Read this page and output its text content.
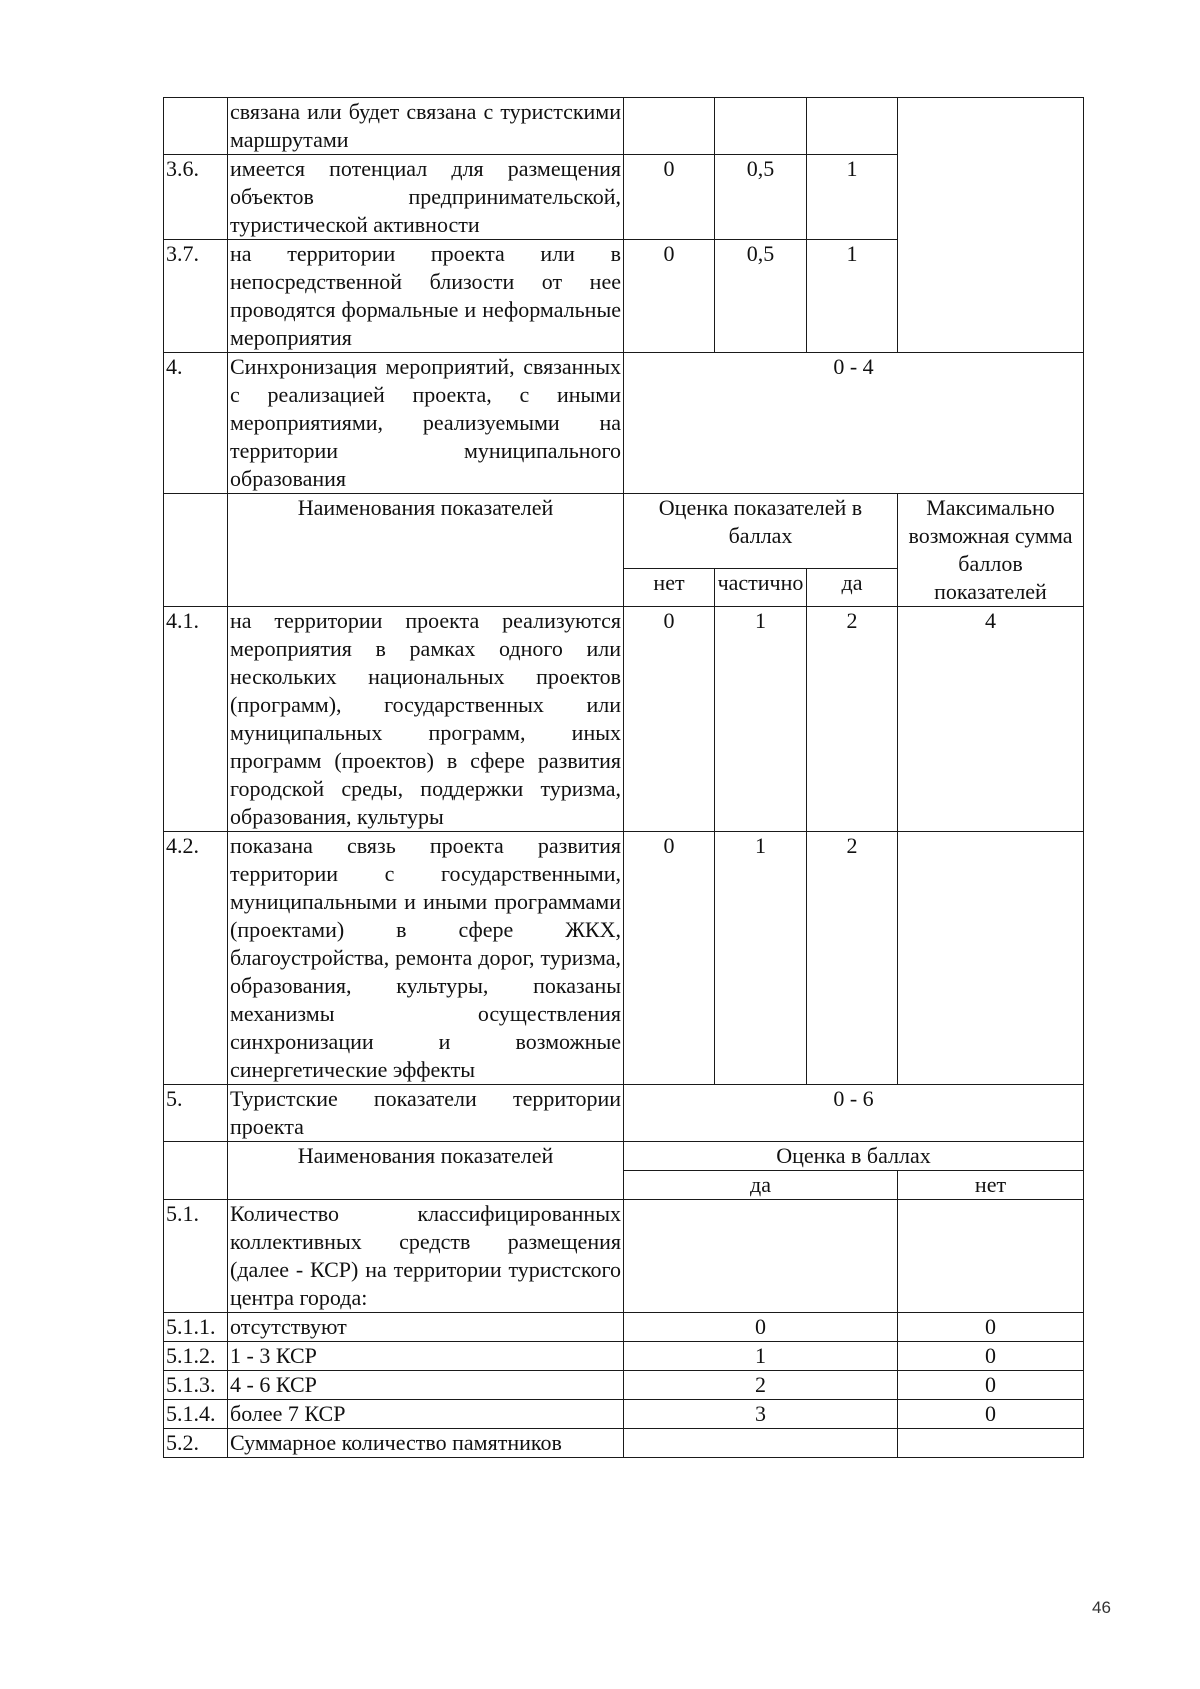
	связана или будет связана с туристскими маршрутами				
3.6.	имеется потенциал для размещения объектов предпринимательской, туристической активности	0	0,5	1	
3.7.	на территории проекта или в непосредственной близости от нее проводятся формальные и неформальные мероприятия	0	0,5	1	
4.	Синхронизация мероприятий, связанных с реализацией проекта, с иными мероприятиями, реализуемыми на территории муниципального образования	0 - 4			
	Наименования показателей	Оценка показателей в баллах			Максимально возможная сумма баллов показателей
		нет	частично	да	
4.1.	на территории проекта реализуются мероприятия в рамках одного или нескольких национальных проектов (программ), государственных или муниципальных программ, иных программ (проектов) в сфере развития городской среды, поддержки туризма, образования, культуры	0	1	2	4
4.2.	показана связь проекта развития территории с государственными, муниципальными и иными программами (проектами) в сфере ЖКХ, благоустройства, ремонта дорог, туризма, образования, культуры, показаны механизмы осуществления синхронизации и возможные синергетические эффекты	0	1	2	
5.	Туристские показатели территории проекта	0 - 6			
	Наименования показателей	Оценка в баллах			
		да			нет
5.1.	Количество классифицированных коллективных средств размещения (далее - КСР) на территории туристского центра города:				
5.1.1.	отсутствуют	0			0
5.1.2.	1 - 3 КСР	1			0
5.1.3.	4 - 6 КСР	2			0
5.1.4.	более 7 КСР	3			0
5.2.	Суммарное количество памятников				
46
